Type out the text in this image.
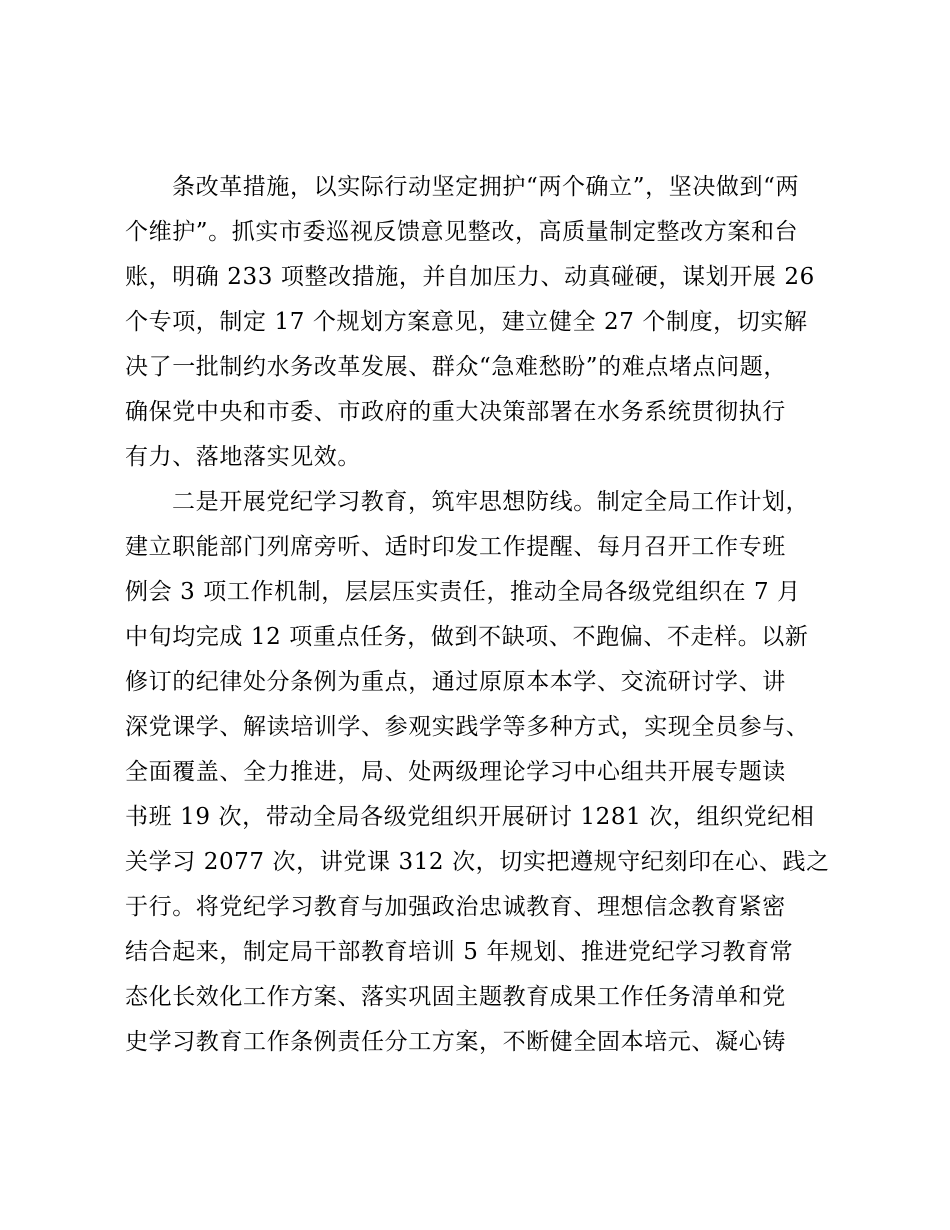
条改革措施，以实际行动坚定拥护“两个确立”，坚决做到“两
个维护”。抓实市委巡视反馈意见整改，高质量制定整改方案和台
账，明确 233 项整改措施，并自加压力、动真碰硬，谋划开展 26
个专项，制定 17 个规划方案意见，建立健全 27 个制度，切实解
决了一批制约水务改革发展、群众“急难愁盼”的难点堵点问题，
确保党中央和市委、市政府的重大决策部署在水务系统贯彻执行
有力、落地落实见效。
二是开展党纪学习教育，筑牢思想防线。制定全局工作计划，
建立职能部门列席旁听、适时印发工作提醒、每月召开工作专班
例会 3 项工作机制，层层压实责任，推动全局各级党组织在 7 月
中旬均完成 12 项重点任务，做到不缺项、不跑偏、不走样。以新
修订的纪律处分条例为重点，通过原原本本学、交流研讨学、讲
深党课学、解读培训学、参观实践学等多种方式，实现全员参与、
全面覆盖、全力推进，局、处两级理论学习中心组共开展专题读
书班 19 次，带动全局各级党组织开展研讨 1281 次，组织党纪相
关学习 2077 次，讲党课 312 次，切实把遵规守纪刻印在心、践之
于行。将党纪学习教育与加强政治忠诚教育、理想信念教育紧密
结合起来，制定局干部教育培训 5 年规划、推进党纪学习教育常
态化长效化工作方案、落实巩固主题教育成果工作任务清单和党
史学习教育工作条例责任分工方案，不断健全固本培元、凝心铸
